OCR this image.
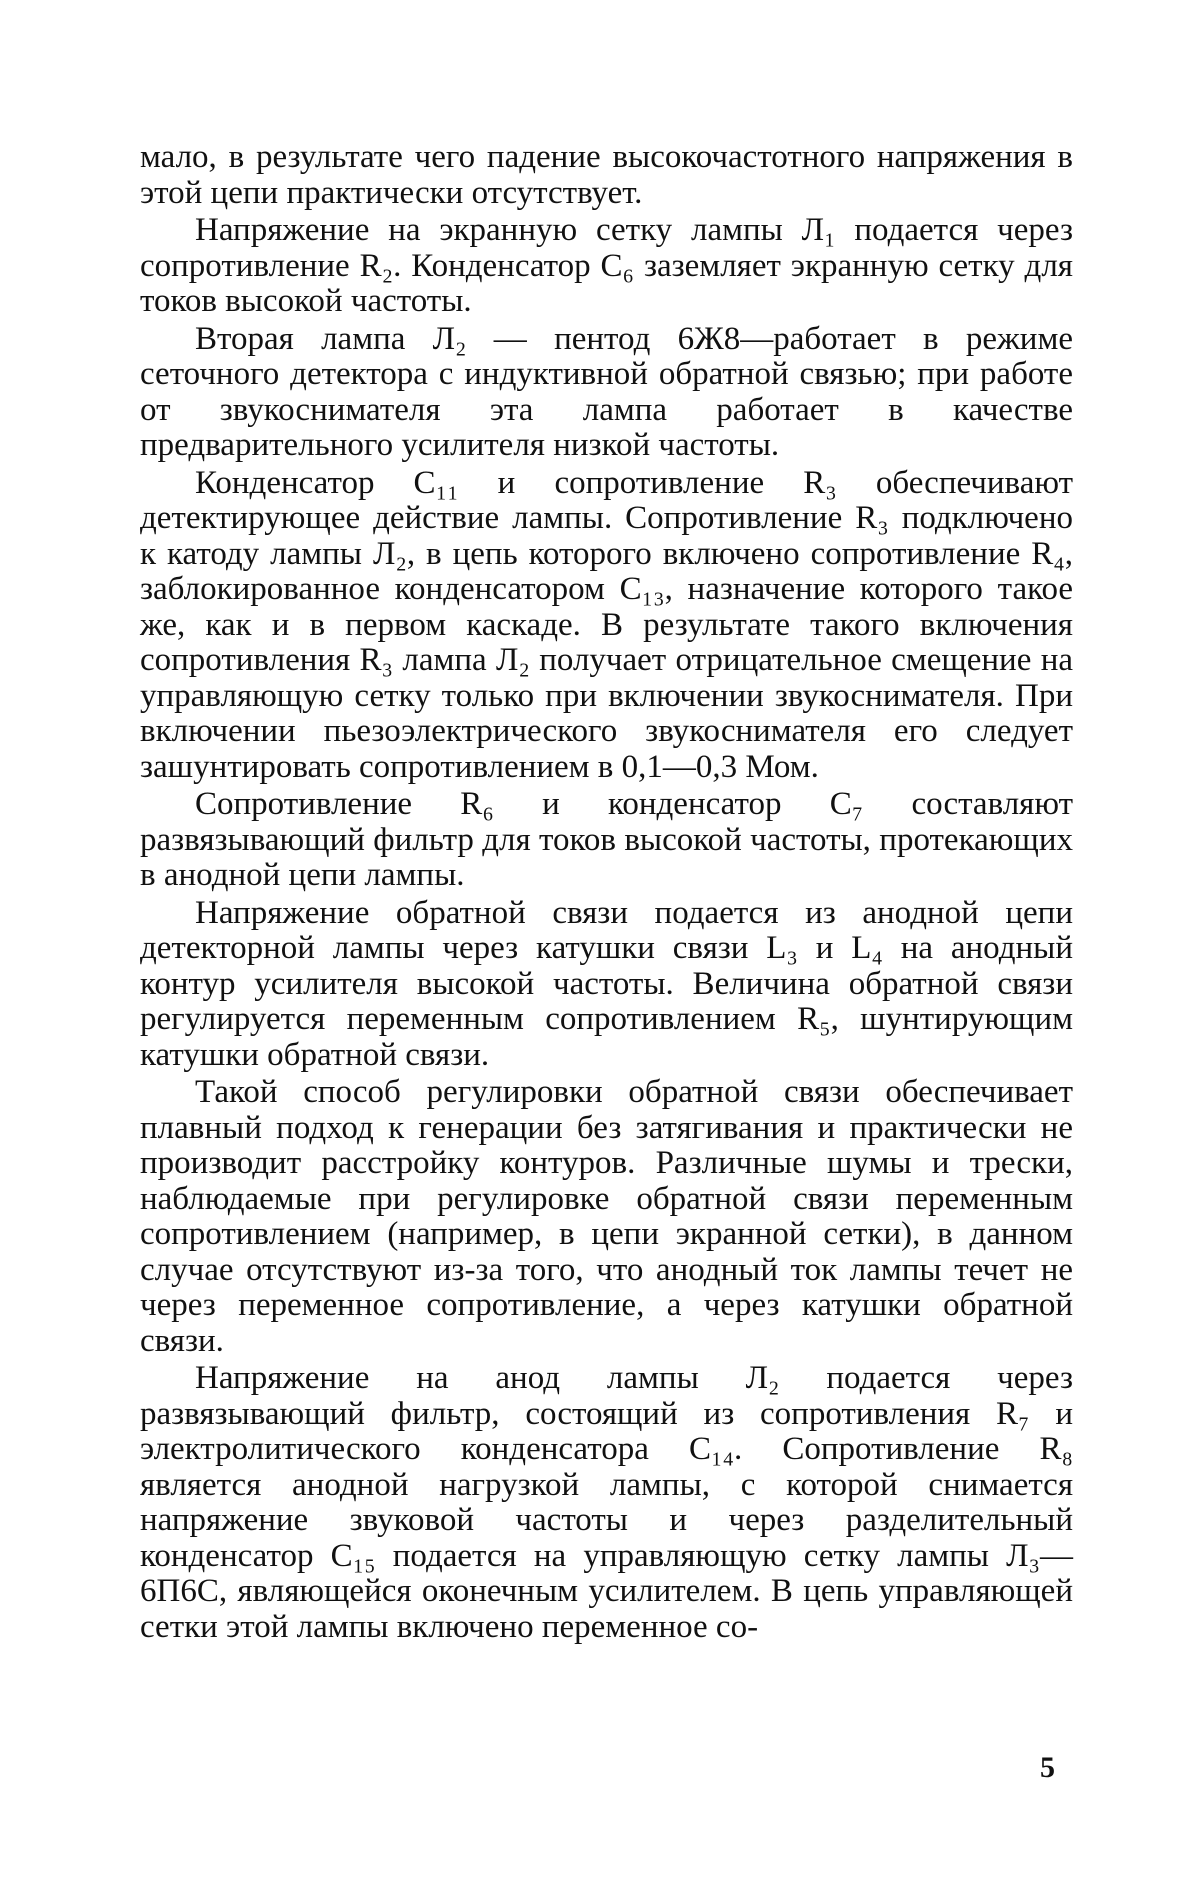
мало, в результате чего падение высокочастотного напряжения в этой цепи практически отсутствует.

Напряжение на экранную сетку лампы Л₁ подается через сопротивление R₂. Конденсатор C₆ заземляет экранную сетку для токов высокой частоты.

Вторая лампа Л₂ — пентод 6Ж8—работает в режиме сеточного детектора с индуктивной обратной связью; при работе от звукоснимателя эта лампа работает в качестве предварительного усилителя низкой частоты.

Конденсатор C₁₁ и сопротивление R₃ обеспечивают детектирующее действие лампы. Сопротивление R₃ подключено к катоду лампы Л₂, в цепь которого включено сопротивление R₄, заблокированное конденсатором C₁₃, назначение которого такое же, как и в первом каскаде. В результате такого включения сопротивления R₃ лампа Л₂ получает отрицательное смещение на управляющую сетку только при включении звукоснимателя. При включении пьезоэлектрического звукоснимателя его следует зашунтировать сопротивлением в 0,1—0,3 Мом.

Сопротивление R₆ и конденсатор C₇ составляют развязывающий фильтр для токов высокой частоты, протекающих в анодной цепи лампы.

Напряжение обратной связи подается из анодной цепи детекторной лампы через катушки связи L₃ и L₄ на анодный контур усилителя высокой частоты. Величина обратной связи регулируется переменным сопротивлением R₅, шунтирующим катушки обратной связи.

Такой способ регулировки обратной связи обеспечивает плавный подход к генерации без затягивания и практически не производит расстройку контуров. Различные шумы и трески, наблюдаемые при регулировке обратной связи переменным сопротивлением (например, в цепи экранной сетки), в данном случае отсутствуют из-за того, что анодный ток лампы течет не через переменное сопротивление, а через катушки обратной связи.

Напряжение на анод лампы Л₂ подается через развязывающий фильтр, состоящий из сопротивления R₇ и электролитического конденсатора C₁₄. Сопротивление R₈ является анодной нагрузкой лампы, с которой снимается напряжение звуковой частоты и через разделительный конденсатор C₁₅ подается на управляющую сетку лампы Л₃—6П6С, являющейся оконечным усилителем. В цепь управляющей сетки этой лампы включено переменное со-

5
